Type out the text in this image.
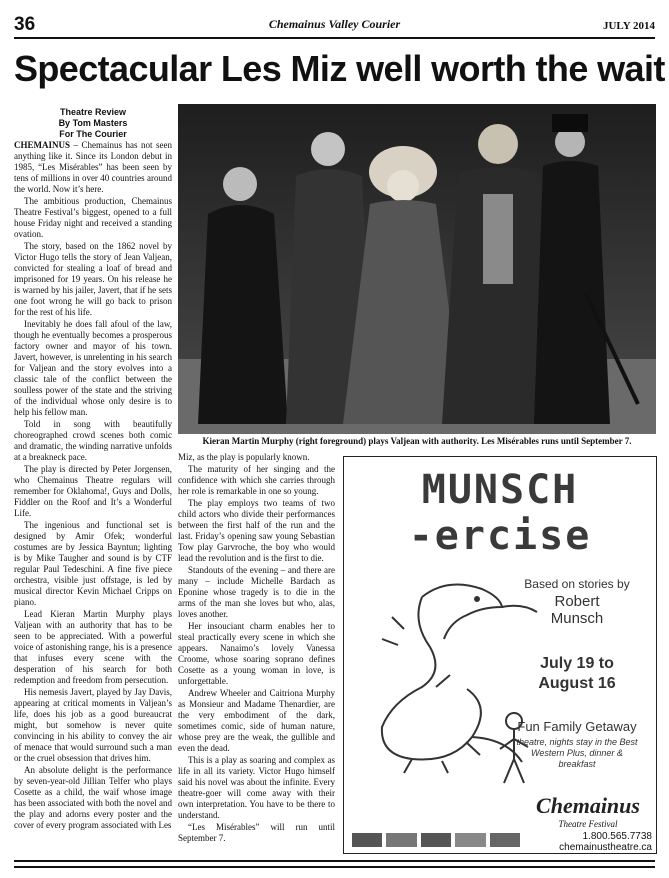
36	Chemainus Valley Courier	JULY 2014
Spectacular Les Miz well worth the wait
Theatre Review
By Tom Masters
For The Courier

CHEMAINUS – Chemainus has not seen anything like it. Since its London debut in 1985, “Les Misérables” has been seen by tens of millions in over 40 countries around the world. Now it’s here.

The ambitious production, Chemainus Theatre Festival’s biggest, opened to a full house Friday night and received a standing ovation.

The story, based on the 1862 novel by Victor Hugo tells the story of Jean Valjean, convicted for stealing a loaf of bread and imprisoned for 19 years. On his release he is warned by his jailer, Javert, that if he sets one foot wrong he will go back to prison for the rest of his life.

Inevitably he does fall afoul of the law, though he eventually becomes a prosperous factory owner and mayor of his town. Javert, however, is unrelenting in his search for Valjean and the story evolves into a classic tale of the conflict between the soulless power of the state and the striving of the individual whose only desire is to help his fellow man.

Told in song with beautifully choreographed crowd scenes both comic and dramatic, the winding narrative unfolds at a breakneck pace.

The play is directed by Peter Jorgensen, who Chemainus Theatre regulars will remember for Oklahoma!, Guys and Dolls, Fiddler on the Roof and It’s a Wonderful Life.

The ingenious and functional set is designed by Amir Ofek; wonderful costumes are by Jessica Bayntun; lighting is by Mike Taugher and sound is by CTF regular Paul Tedeschini. A fine five piece orchestra, visible just offstage, is led by musical director Kevin Michael Cripps on piano.

Lead Kieran Martin Murphy plays Valjean with an authority that has to be seen to be appreciated. With a powerful voice of astonishing range, his is a presence that infuses every scene with the desperation of his search for both redemption and freedom from persecution.

His nemesis Javert, played by Jay Davis, appearing at critical moments in Valjean’s life, does his job as a good bureaucrat might, but somehow is never quite convincing in his ability to convey the air of menace that would surround such a man or the cruel obsession that drives him.

An absolute delight is the performance by seven-year-old Jillian Telfer who plays Cosette as a child, the waif whose image has been associated with both the novel and the play and adorns every poster and the cover of every program associated with Les

Kieran Martin Murphy (right foreground) plays Valjean with authority. Les Misérables runs until September 7.

Miz, as the play is popularly known.

The maturity of her singing and the confidence with which she carries through her role is remarkable in one so young.

The play employs two teams of two child actors who divide their performances between the first half of the run and the last. Friday’s opening saw young Sebastian Tow play Garvroche, the boy who would lead the revolution and is the first to die.

Standouts of the evening – and there are many – include Michelle Bardach as Eponine whose tragedy is to die in the arms of the man she loves but who, alas, loves another.

Her insouciant charm enables her to steal practically every scene in which she appears. Nanaimo’s lovely Vanessa Croome, whose soaring soprano defines Cosette as a young woman in love, is unforgettable.

Andrew Wheeler and Caitriona Murphy as Monsieur and Madame Thenardier, are the very embodiment of the dark, sometimes comic, side of human nature, whose prey are the weak, the gullible and even the dead.

This is a play as soaring and complex as life in all its variety. Victor Hugo himself said his novel was about the infinite. Every theatre-goer will come away with their own interpretation. You have to be there to understand.

“Les Misérables” will run until September 7.

MUNSCH
-ercise
Based on stories by
Robert
Munsch
July 19 to
August 16
Fun Family Getaway
theatre, nights stay in the Best Western Plus, dinner & breakfast
Chemainus
Theatre Festival
1.800.565.7738
chemainustheatre.ca
